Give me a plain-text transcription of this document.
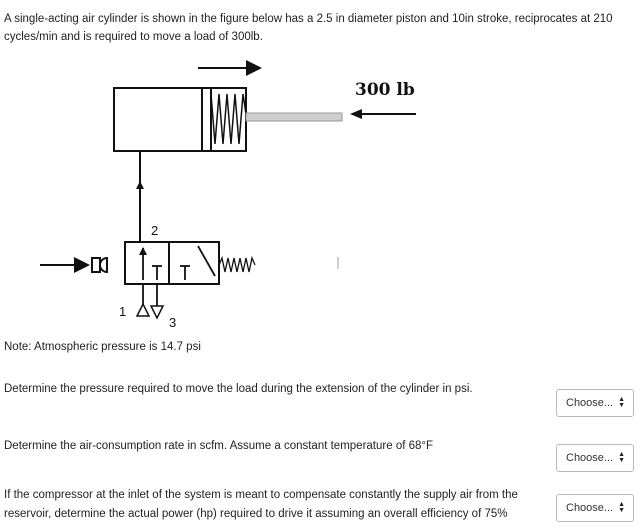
A single-acting air cylinder is shown in the figure below has a 2.5 in diameter piston and 10in stroke, reciprocates at 210 cycles/min and is required to move a load of 300lb.
2
1
3
300 lb
Note: Atmospheric pressure is 14.7 psi
Determine the pressure required to move the load during the extension of the cylinder in psi.
Choose... ▲
▼
Determine the air-consumption rate in scfm. Assume a constant temperature of 68°F
Choose... ▲
▼
If the compressor at the inlet of the system is meant to compensate constantly the supply air from the reservoir, determine the actual power (hp) required to drive it assuming an overall efficiency of 75%	Choose... ▲
▼
